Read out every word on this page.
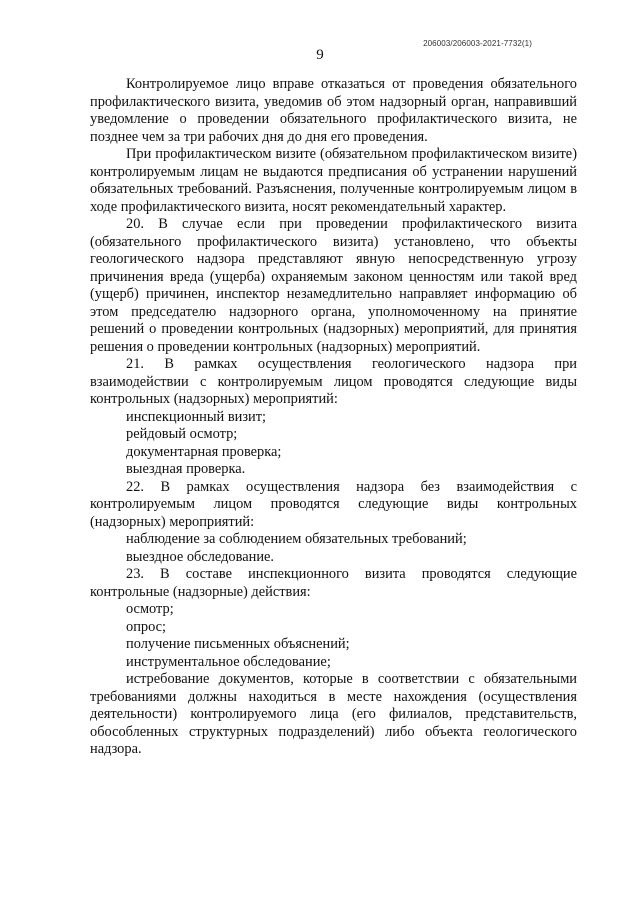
206003/206003-2021-7732(1)
9

Контролируемое лицо вправе отказаться от проведения обязательного профилактического визита, уведомив об этом надзорный орган, направивший уведомление о проведении обязательного профилактического визита, не позднее чем за три рабочих дня до дня его проведения.

При профилактическом визите (обязательном профилактическом визите) контролируемым лицам не выдаются предписания об устранении нарушений обязательных требований. Разъяснения, полученные контролируемым лицом в ходе профилактического визита, носят рекомендательный характер.

20. В случае если при проведении профилактического визита (обязательного профилактического визита) установлено, что объекты геологического надзора представляют явную непосредственную угрозу причинения вреда (ущерба) охраняемым законом ценностям или такой вред (ущерб) причинен, инспектор незамедлительно направляет информацию об этом председателю надзорного органа, уполномоченному на принятие решений о проведении контрольных (надзорных) мероприятий, для принятия решения о проведении контрольных (надзорных) мероприятий.

21. В рамках осуществления геологического надзора при взаимодействии с контролируемым лицом проводятся следующие виды контрольных (надзорных) мероприятий:

инспекционный визит;

рейдовый осмотр;

документарная проверка;

выездная проверка.

22. В рамках осуществления надзора без взаимодействия с контролируемым лицом проводятся следующие виды контрольных (надзорных) мероприятий:

наблюдение за соблюдением обязательных требований;

выездное обследование.

23. В составе инспекционного визита проводятся следующие контрольные (надзорные) действия:

осмотр;

опрос;

получение письменных объяснений;

инструментальное обследование;

истребование документов, которые в соответствии с обязательными требованиями должны находиться в месте нахождения (осуществления деятельности) контролируемого лица (его филиалов, представительств, обособленных структурных подразделений) либо объекта геологического надзора.
